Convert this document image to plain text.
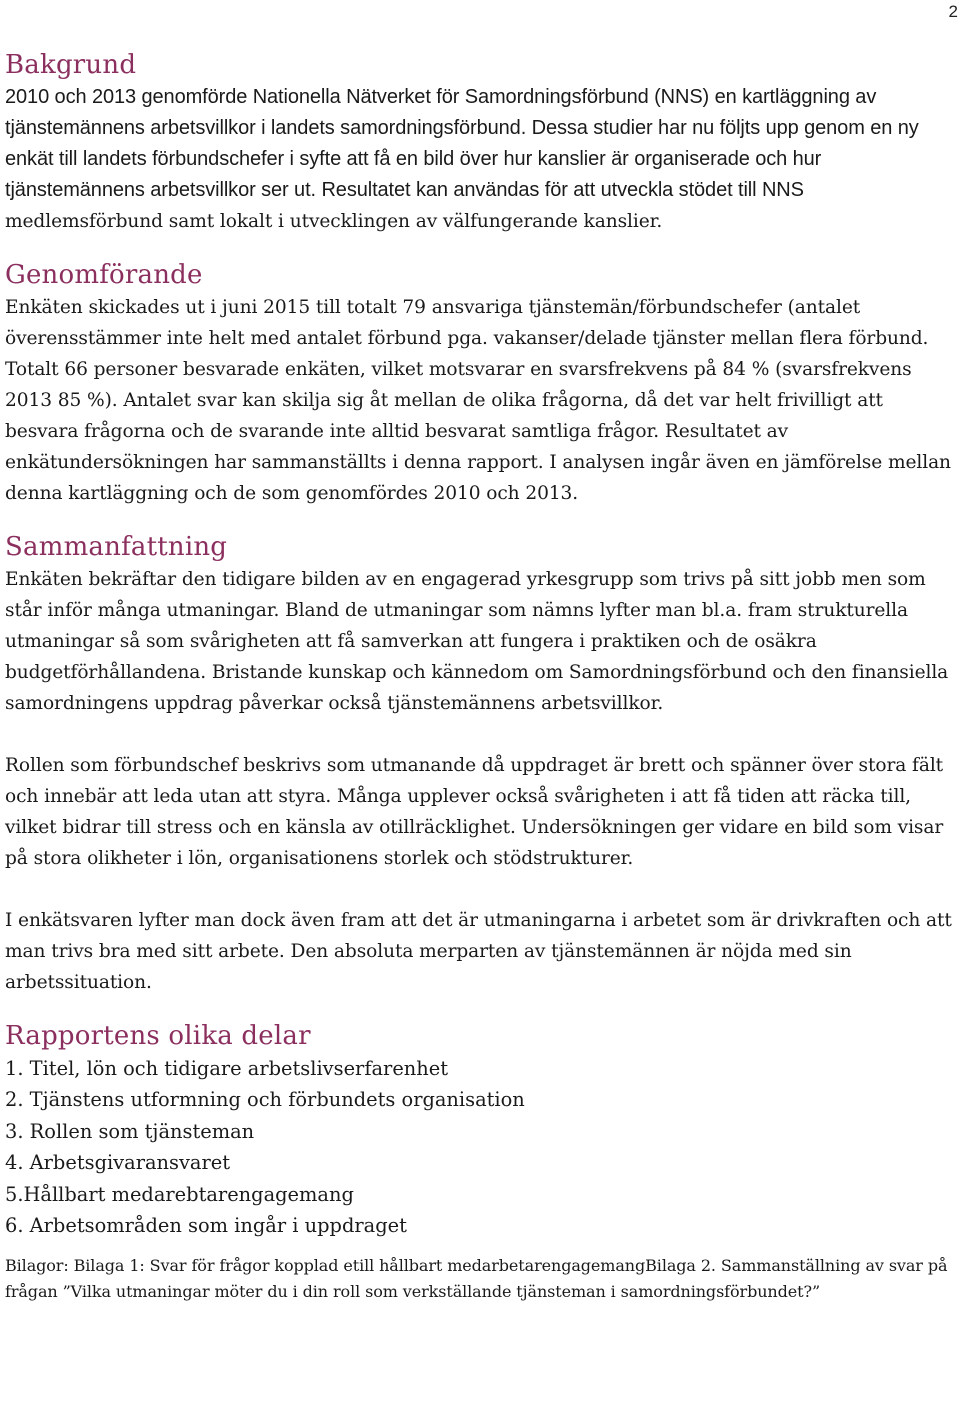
2
Bakgrund

2010 och 2013 genomförde Nationella Nätverket för Samordningsförbund (NNS) en kartläggning av tjänstemännens arbetsvillkor i landets samordningsförbund. Dessa studier har nu följts upp genom en ny enkät till landets förbundschefer i syfte att få en bild över hur kanslier är organiserade och hur tjänstemännens arbetsvillkor ser ut. Resultatet kan användas för att utveckla stödet till NNS medlemsförbund samt lokalt i utvecklingen av välfungerande kanslier.

Genomförande

Enkäten skickades ut i juni 2015 till totalt 79 ansvariga tjänstemän/förbundschefer (antalet överensstämmer inte helt med antalet förbund pga. vakanser/delade tjänster mellan flera förbund. Totalt 66 personer besvarade enkäten, vilket motsvarar en svarsfrekvens på 84 % (svarsfrekvens 2013 85 %). Antalet svar kan skilja sig åt mellan de olika frågorna, då det var helt frivilligt att besvara frågorna och de svarande inte alltid besvarat samtliga frågor. Resultatet av enkätundersökningen har sammanställts i denna rapport. I analysen ingår även en jämförelse mellan denna kartläggning och de som genomfördes 2010 och 2013.

Sammanfattning

Enkäten bekräftar den tidigare bilden av en engagerad yrkesgrupp som trivs på sitt jobb men som står inför många utmaningar. Bland de utmaningar som nämns lyfter man bl.a. fram strukturella utmaningar så som svårigheten att få samverkan att fungera i praktiken och de osäkra budgetförhållandena. Bristande kunskap och kännedom om Samordningsförbund och den finansiella samordningens uppdrag påverkar också tjänstemännens arbetsvillkor.

Rollen som förbundschef beskrivs som utmanande då uppdraget är brett och spänner över stora fält och innebär att leda utan att styra. Många upplever också svårigheten i att få tiden att räcka till, vilket bidrar till stress och en känsla av otillräcklighet. Undersökningen ger vidare en bild som visar på stora olikheter i lön, organisationens storlek och stödstrukturer.

I enkätsvaren lyfter man dock även fram att det är utmaningarna i arbetet som är drivkraften och att man trivs bra med sitt arbete. Den absoluta merparten av tjänstemännen är nöjda med sin arbetssituation.

Rapportens olika delar
1. Titel, lön och tidigare arbetslivserfarenhet
2. Tjänstens utformning och förbundets organisation
3. Rollen som tjänsteman
4. Arbetsgivaransvaret
5.Hållbart medarebtarengagemang
6. Arbetsområden som ingår i uppdraget

Bilagor: Bilaga 1: Svar för frågor kopplad etill hållbart medarbetarengagemangBilaga 2. Sammanställning av svar på frågan ”Vilka utmaningar möter du i din roll som verkställande tjänsteman i samordningsförbundet?”
